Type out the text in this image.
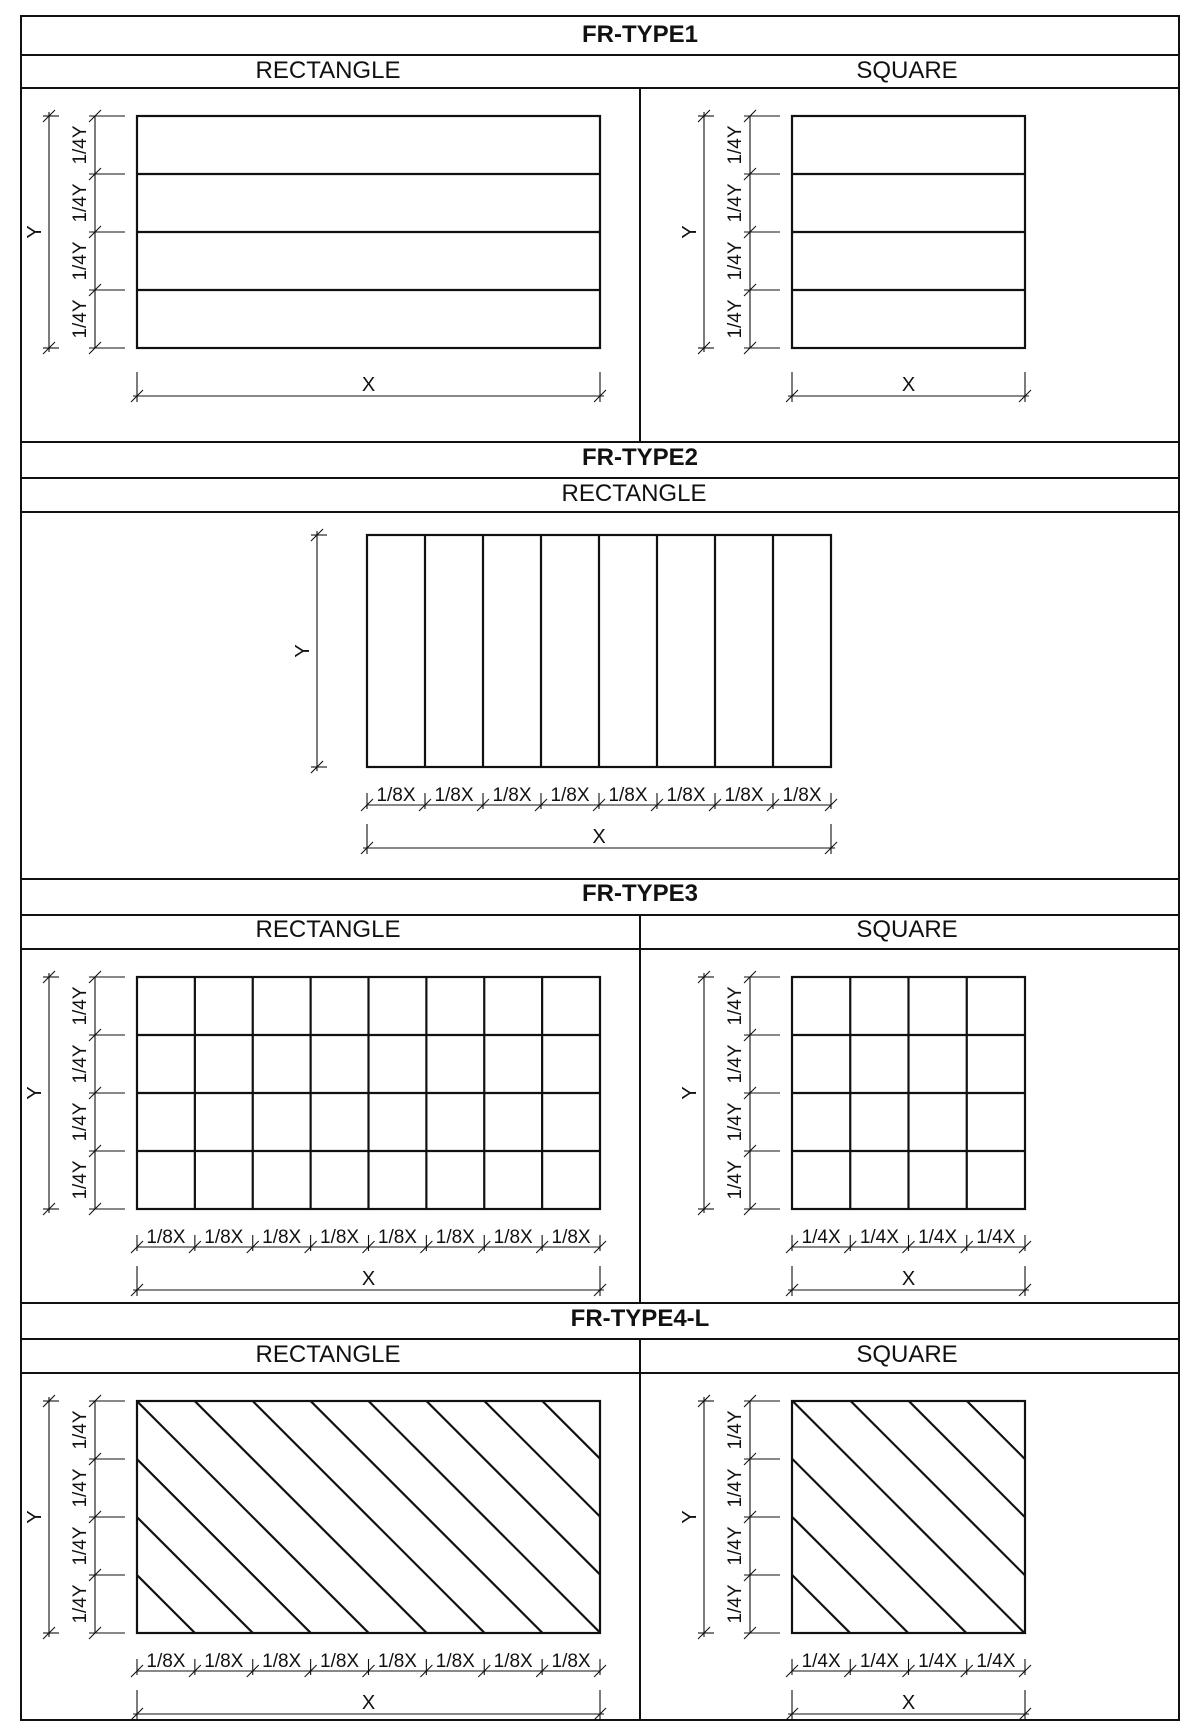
FR-TYPE1
RECTANGLE	SQUARE
1/4Y
1/4Y
1/4Y
1/4Y
Y
X
1/4Y
1/4Y
1/4Y
1/4Y
Y
X
FR-TYPE2
RECTANGLE
Y
1/8X 1/8X 1/8X 1/8X 1/8X 1/8X 1/8X 1/8X
X
FR-TYPE3
RECTANGLE	SQUARE
1/4Y
1/4Y
1/4Y
1/4Y
Y
1/8X 1/8X 1/8X 1/8X 1/8X 1/8X 1/8X 1/8X
X
1/4Y
1/4Y
1/4Y
1/4Y
Y
1/4X 1/4X 1/4X 1/4X
X
FR-TYPE4-L
RECTANGLE	SQUARE
1/4Y
1/4Y
1/4Y
1/4Y
Y
1/8X 1/8X 1/8X 1/8X 1/8X 1/8X 1/8X 1/8X
X
1/4Y
1/4Y
1/4Y
1/4Y
Y
1/4X 1/4X 1/4X 1/4X
X
